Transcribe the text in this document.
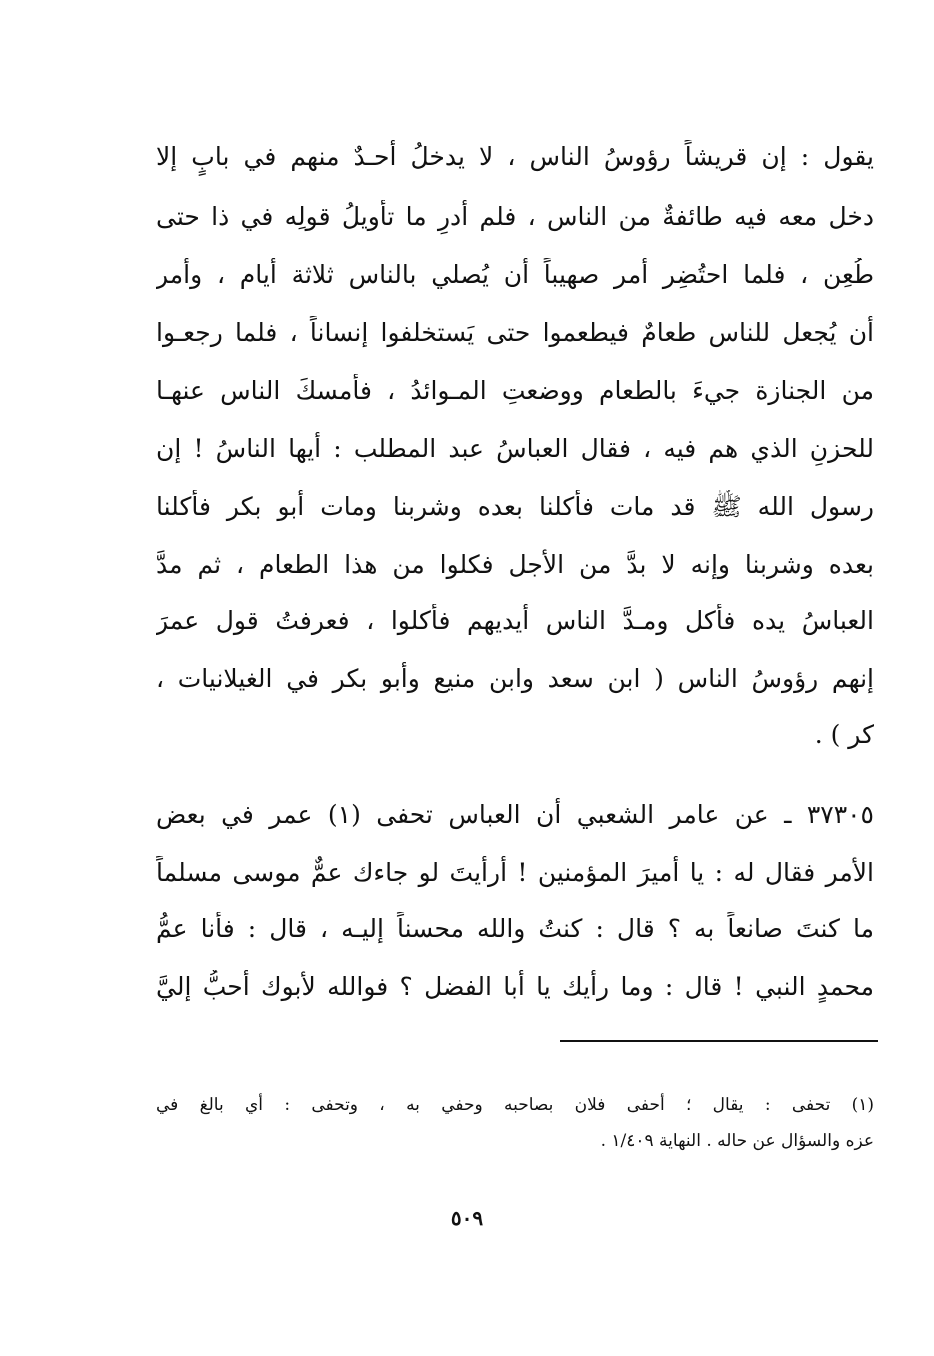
يقول : إن قريشاً رؤوسُ الناس ، لا يدخلُ أحـدٌ منهم في بابٍ إلا
دخل معه فيه طائفةٌ من الناس ، فلم أدرِ ما تأويلُ قولِه في ذا حتى
طُعِن ، فلما احتُضِر أمر صهيباً أن يُصلي بالناس ثلاثة أيام ، وأمر
أن يُجعل للناس طعامٌ فيطعموا حتى يَستخلفوا إنساناً ، فلما رجعـوا
من الجنازة جيءَ بالطعام ووضعتِ المـوائدُ ، فأمسكَ الناس عنهـا
للحزنِ الذي هم فيه ، فقال العباسُ عبد المطلب : أيها الناسُ ! إن
رسول الله ﷺ قد مات فأكلنا بعده وشربنا ومات أبو بكر فأكلنا
بعده وشربنا وإنه لا بدَّ من الأجل فكلوا من هذا الطعام ، ثم مدَّ
العباسُ يده فأكل ومـدَّ الناس أيديهم فأكلوا ، فعرفتُ قول عمرَ
إنهم رؤوسُ الناس ( ابن سعد وابن منيع وأبو بكر في الغيلانيات ،
كر ) .
٣٧٣٠٥ ـ عن عامر الشعبي أن العباس تحفى (١) عمر في بعض
الأمر فقال له : يا أميرَ المؤمنين ! أرأيتَ لو جاءك عمٌّ موسى مسلماً
ما كنتَ صانعاً به ؟ قال : كنتُ والله محسناً إليـه ، قال : فأنا عمُّ
محمدٍ النبي ! قال : وما رأيك يا أبا الفضل ؟ فوالله لأبوك أحبُّ إليَّ
(١) تحفى : يقال ؛ أحفى فلان بصاحبه وحفي به ، وتحفى : أي بالغ في
عزه والسؤال عن حاله . النهاية ١/٤٠٩ .
٥٠٩
